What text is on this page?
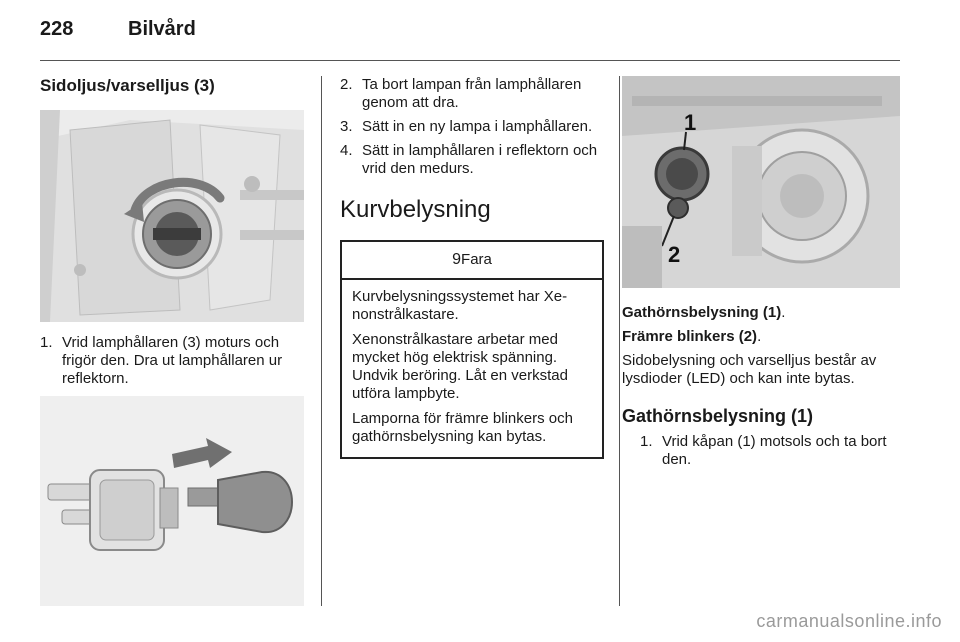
228	Bilvård
Sidoljus/varselljus (3)
1. Vrid lamphållaren (3) moturs och frigör den. Dra ut lamphållaren ur reflektorn.
2. Ta bort lampan från lamphållaren genom att dra.
3. Sätt in en ny lampa i lamphållaren.
4. Sätt in lamphållaren i reflektorn och vrid den medurs.
Kurvbelysning
9Fara

Kurvbelysningssystemet har Xe-nonstrålkastare.

Xenonstrålkastare arbetar med mycket hög elektrisk spänning. Undvik beröring. Låt en verkstad utföra lampbyte.

Lamporna för främre blinkers och gathörnsbelysning kan bytas.

1
2

Gathörnsbelysning (1).

Främre blinkers (2).

Sidobelysning och varselljus består av lysdioder (LED) och kan inte bytas.

Gathörnsbelysning (1)
1. Vrid kåpan (1) motsols och ta bort den.
carmanualsonline.info
